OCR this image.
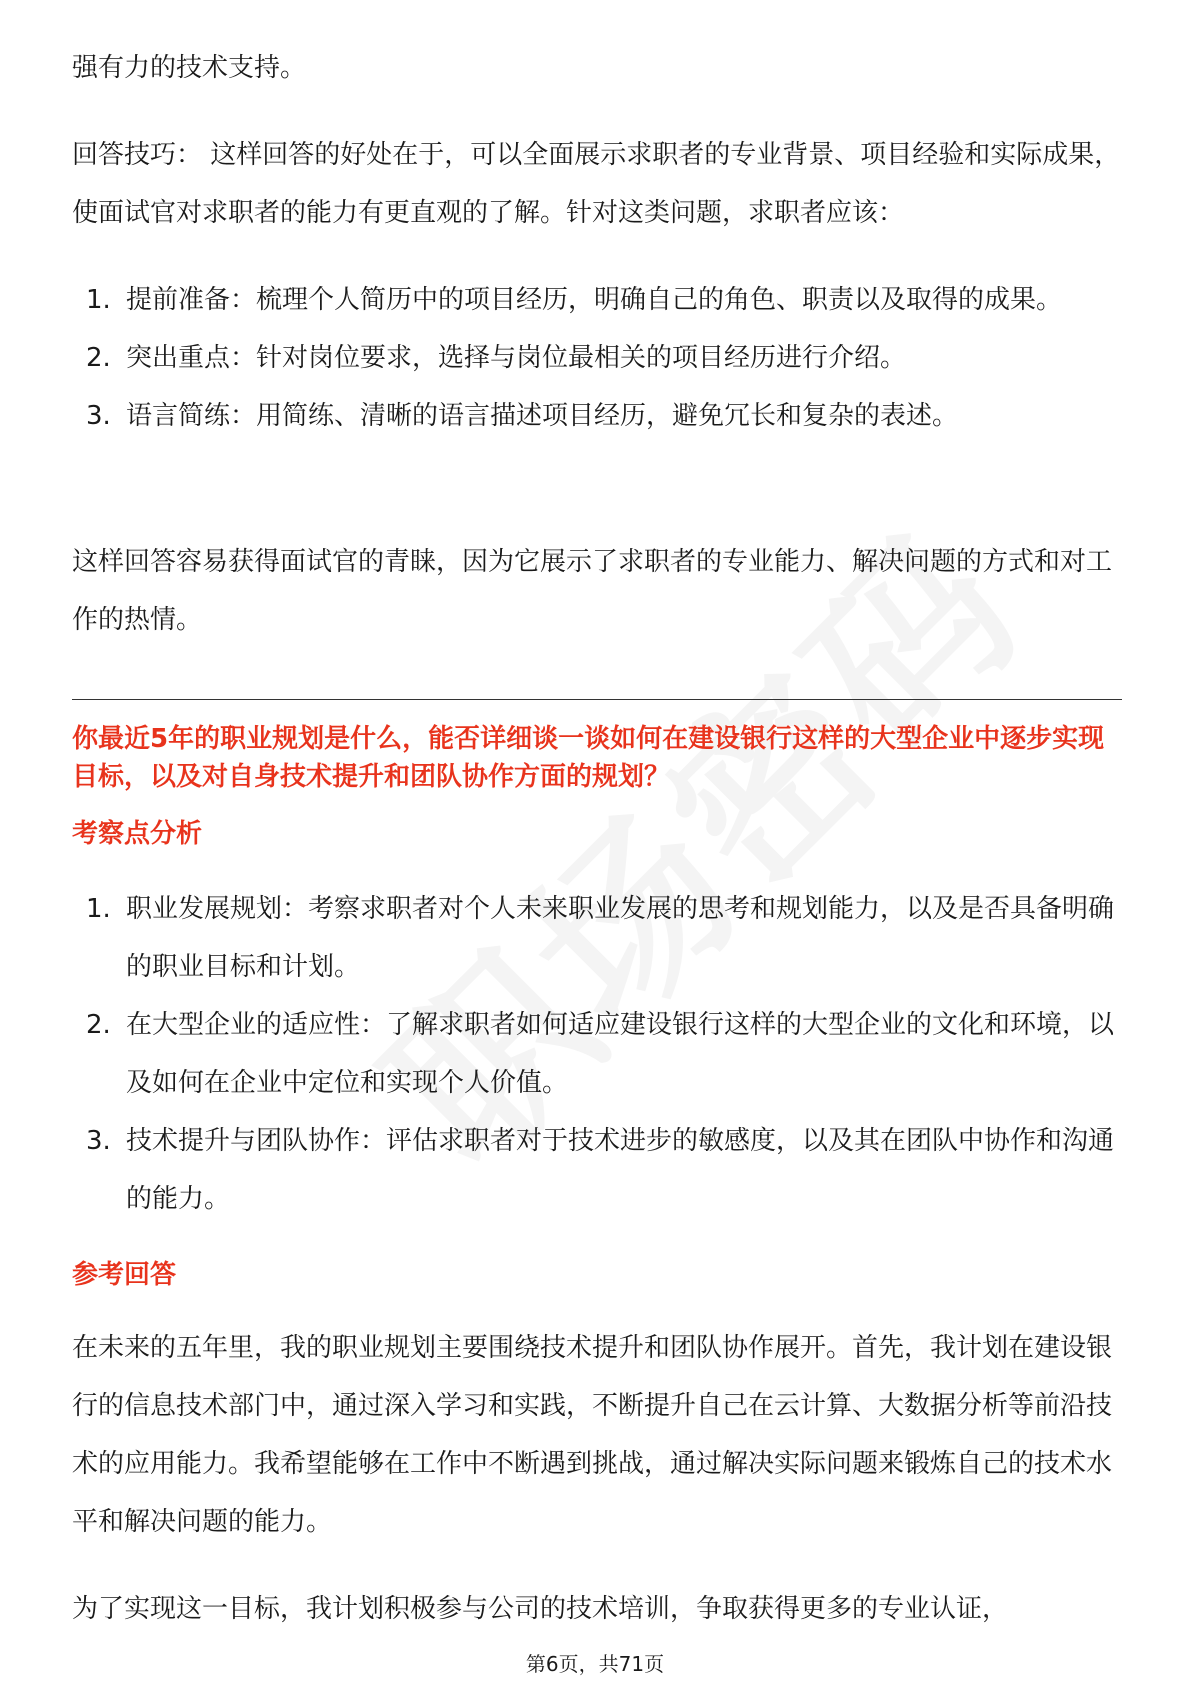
强有力的技术支持。

回答技巧： 这样回答的好处在于，可以全面展示求职者的专业背景、项目经验和实际成果，使面试官对求职者的能力有更直观的了解。针对这类问题，求职者应该：

1. 提前准备：梳理个人简历中的项目经历，明确自己的角色、职责以及取得的成果。
2. 突出重点：针对岗位要求，选择与岗位最相关的项目经历进行介绍。
3. 语言简练：用简练、清晰的语言描述项目经历，避免冗长和复杂的表述。

这样回答容易获得面试官的青睐，因为它展示了求职者的专业能力、解决问题的方式和对工作的热情。

你最近5年的职业规划是什么，能否详细谈一谈如何在建设银行这样的大型企业中逐步实现目标，以及对自身技术提升和团队协作方面的规划？

考察点分析

1. 职业发展规划：考察求职者对个人未来职业发展的思考和规划能力，以及是否具备明确的职业目标和计划。
2. 在大型企业的适应性：了解求职者如何适应建设银行这样的大型企业的文化和环境，以及如何在企业中定位和实现个人价值。
3. 技术提升与团队协作：评估求职者对于技术进步的敏感度，以及其在团队中协作和沟通的能力。

参考回答

在未来的五年里，我的职业规划主要围绕技术提升和团队协作展开。首先，我计划在建设银行的信息技术部门中，通过深入学习和实践，不断提升自己在云计算、大数据分析等前沿技术的应用能力。我希望能够在工作中不断遇到挑战，通过解决实际问题来锻炼自己的技术水平和解决问题的能力。

为了实现这一目标，我计划积极参与公司的技术培训，争取获得更多的专业认证，

第6页，共71页
